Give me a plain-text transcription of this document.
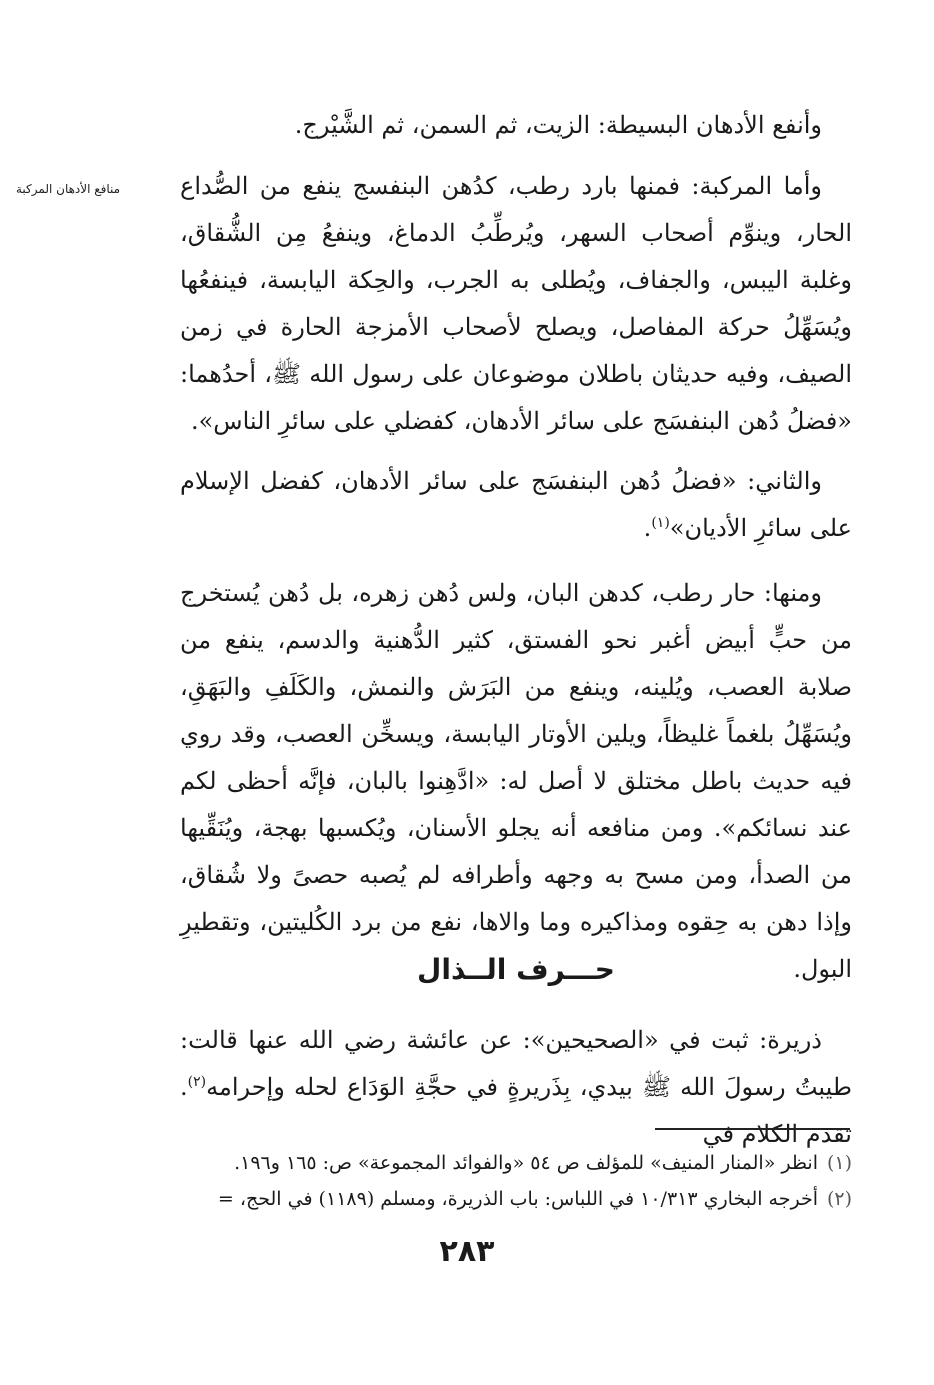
منافع الأدهان المركبة

وأنفع الأدهان البسيطة: الزيت، ثم السمن، ثم الشَّيْرج.

وأما المركبة: فمنها بارد رطب، كدُهن البنفسج ينفع من الصُّداع الحار، وينوِّم أصحاب السهر، ويُرطِّبُ الدماغ، وينفعُ مِن الشُّقاق، وغلبة اليبس، والجفاف، ويُطلى به الجرب، والحِكة اليابسة، فينفعُها ويُسَهِّلُ حركة المفاصل، ويصلح لأصحاب الأمزجة الحارة في زمن الصيف، وفيه حديثان باطلان موضوعان على رسول الله ﷺ، أحدُهما: «فضلُ دُهن البنفسَج على سائر الأدهان، كفضلي على سائرِ الناس».

والثاني: «فضلُ دُهن البنفسَج على سائر الأدهان، كفضل الإسلام على سائرِ الأديان»$^{(١)}$.

ومنها: حار رطب، كدهن البان، ولس دُهن زهره، بل دُهن يُستخرج من حبٍّ أبيض أغبر نحو الفستق، كثير الدُّهنية والدسم، ينفع من صلابة العصب، ويُلينه، وينفع من البَرَش والنمش، والكَلَفِ والبَهَقِ، ويُسَهِّلُ بلغماً غليظاً، ويلين الأوتار اليابسة، ويسخِّن العصب، وقد روي فيه حديث باطل مختلق لا أصل له: «ادَّهِنوا بالبان، فإنَّه أحظى لكم عند نسائكم». ومن منافعه أنه يجلو الأسنان، ويُكسبها بهجة، ويُنَقِّيها من الصدأ، ومن مسح به وجهه وأطرافه لم يُصبه حصىً ولا شُقاق، وإذا دهن به حِقوه ومذاكيره وما والاها، نفع من برد الكُليتين، وتقطيرِ البول.

حـــرف الــذال

ذريرة: ثبت في «الصحيحين»: عن عائشة رضي الله عنها قالت: طيبتُ رسولَ الله ﷺ بيدي، بِذَريرةٍ في حجَّةِ الوَدَاع لحله وإحرامه$^{(٢)}$. تقدم الكلام في

(١)انظر «المنار المنيف» للمؤلف ص ٥٤ «والفوائد المجموعة» ص: ١٦٥ و١٩٦.

(٢)أخرجه البخاري ١٠/٣١٣ في اللباس: باب الذريرة، ومسلم (١١٨٩) في الحج، =

٢٨٣
